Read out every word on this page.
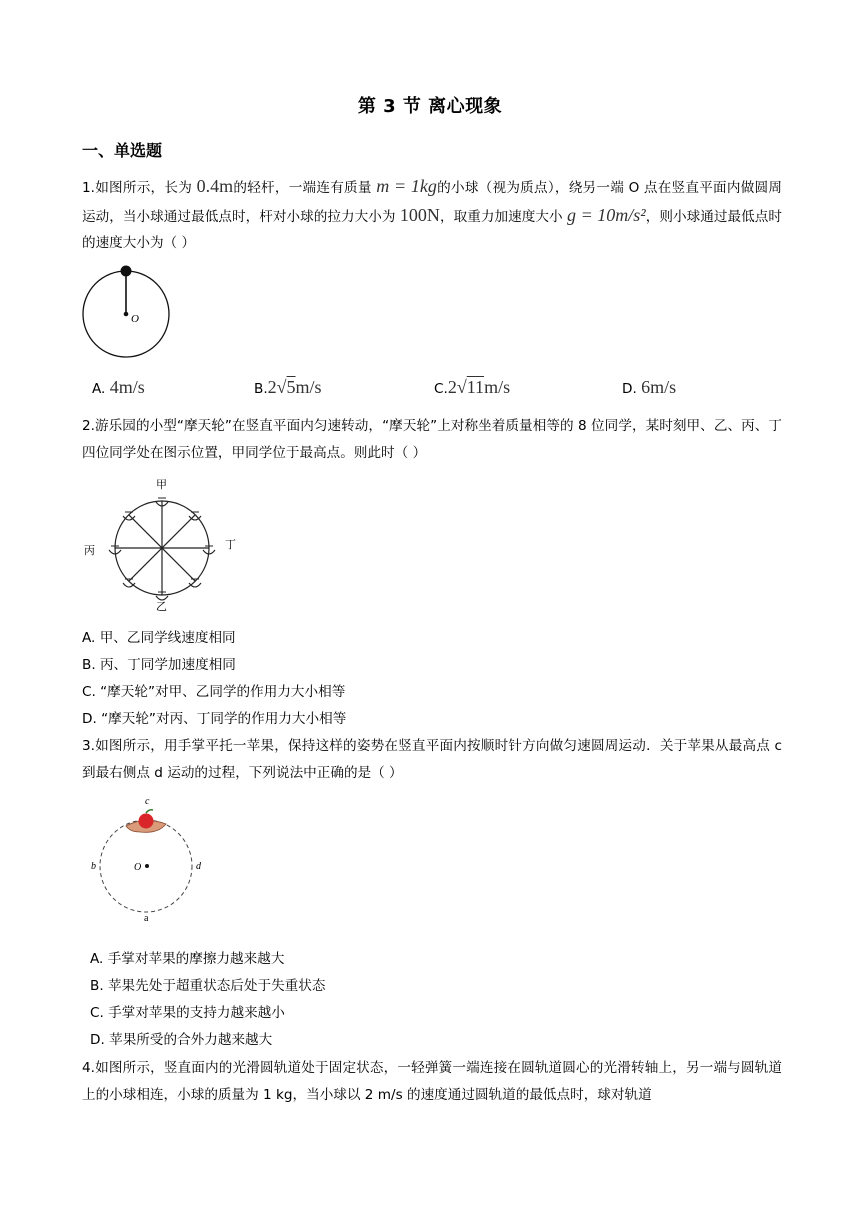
第 3 节 离心现象
一、单选题
1.如图所示，长为 0.4m的轻杆，一端连有质量 m = 1kg的小球（视为质点），绕另一端 O 点在竖直平面内做圆周运动，当小球通过最低点时，杆对小球的拉力大小为 100N，取重力加速度大小 g = 10m/s²，则小球通过最低点时的速度大小为（ ）
O
A. 4m/s	B.2√5m/s	C.2√11m/s	D. 6m/s
2.游乐园的小型“摩天轮”在竖直平面内匀速转动，“摩天轮”上对称坐着质量相等的 8 位同学，某时刻甲、乙、丙、丁四位同学处在图示位置，甲同学位于最高点。则此时（ ）
甲
乙
丙	丁
A. 甲、乙同学线速度相同
B. 丙、丁同学加速度相同
C. “摩天轮”对甲、乙同学的作用力大小相等
D. “摩天轮”对丙、丁同学的作用力大小相等
3.如图所示，用手掌平托一苹果，保持这样的姿势在竖直平面内按顺时针方向做匀速圆周运动．关于苹果从最高点 c 到最右侧点 d 运动的过程，下列说法中正确的是（ ）
c
a
b	d
O
A. 手掌对苹果的摩擦力越来越大
B. 苹果先处于超重状态后处于失重状态
C. 手掌对苹果的支持力越来越小
D. 苹果所受的合外力越来越大
4.如图所示，竖直面内的光滑圆轨道处于固定状态，一轻弹簧一端连接在圆轨道圆心的光滑转轴上，另一端与圆轨道上的小球相连，小球的质量为 1 kg，当小球以 2 m/s 的速度通过圆轨道的最低点时，球对轨道
